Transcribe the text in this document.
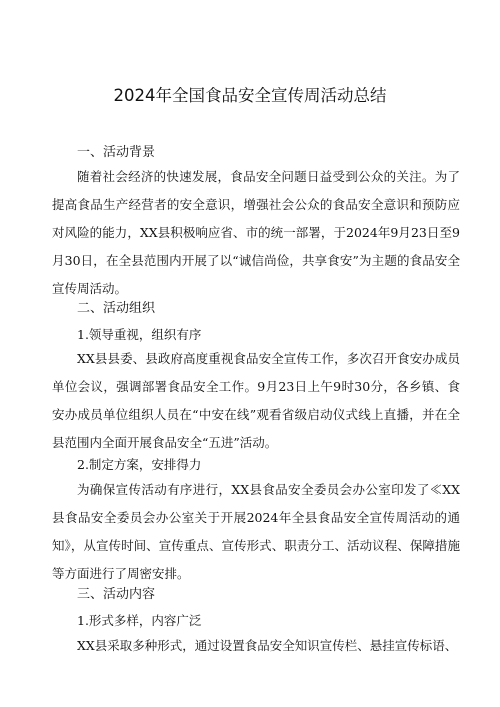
2024年全国食品安全宣传周活动总结
一、活动背景
随着社会经济的快速发展，食品安全问题日益受到公众的关注。为了提高食品生产经营者的安全意识，增强社会公众的食品安全意识和预防应对风险的能力，XX县积极响应省、市的统一部署，于2024年9月23日至9月30日，在全县范围内开展了以“诚信尚俭，共享食安”为主题的食品安全宣传周活动。
二、活动组织
1.领导重视，组织有序
XX县县委、县政府高度重视食品安全宣传工作，多次召开食安办成员单位会议，强调部署食品安全工作。9月23日上午9时30分，各乡镇、食安办成员单位组织人员在“中安在线”观看省级启动仪式线上直播，并在全县范围内全面开展食品安全“五进”活动。
2.制定方案，安排得力
为确保宣传活动有序进行，XX县食品安全委员会办公室印发了≪XX县食品安全委员会办公室关于开展2024年全县食品安全宣传周活动的通知》，从宣传时间、宣传重点、宣传形式、职责分工、活动议程、保障措施等方面进行了周密安排。
三、活动内容
1.形式多样，内容广泛
XX县采取多种形式，通过设置食品安全知识宣传栏、悬挂宣传标语、
